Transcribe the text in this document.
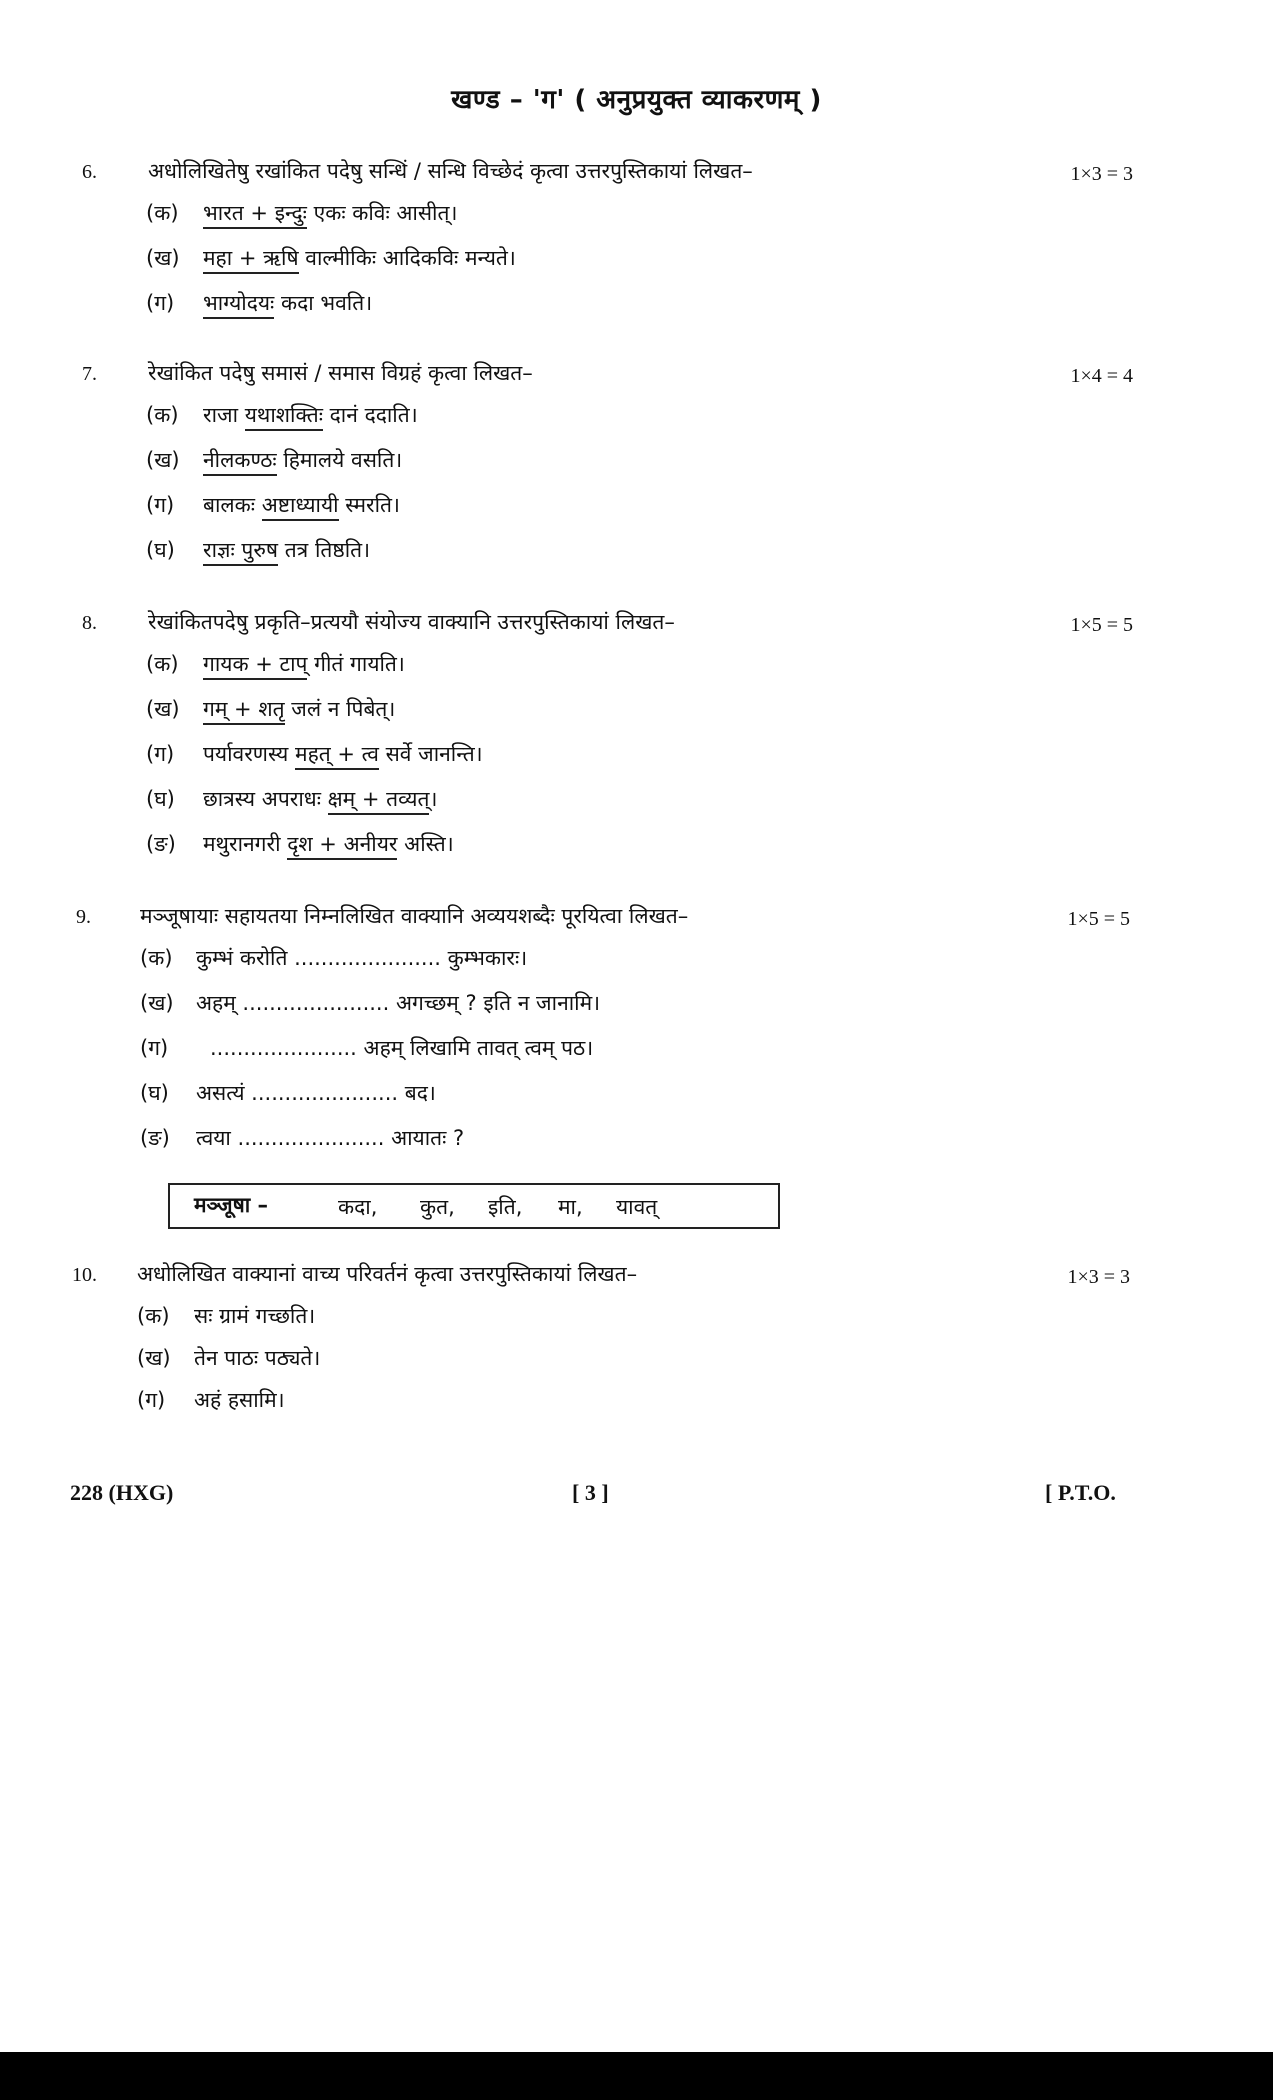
खण्ड – 'ग' ( अनुप्रयुक्त व्याकरणम् )
6. अधोलिखितेषु रखांकित पदेषु सन्धिं / सन्धि विच्छेदं कृत्वा उत्तरपुस्तिकायां लिखत–	1×3 = 3
(क) भारत + इन्दुः एकः कविः आसीत्।
(ख) महा + ऋषि वाल्मीकिः आदिकविः मन्यते।
(ग) भाग्योदयः कदा भवति।
7. रेखांकित पदेषु समासं / समास विग्रहं कृत्वा लिखत–	1×4 = 4
(क) राजा यथाशक्तिः दानं ददाति।
(ख) नीलकण्ठः हिमालये वसति।
(ग) बालकः अष्टाध्यायी स्मरति।
(घ) राज्ञः पुरुष तत्र तिष्ठति।
8. रेखांकितपदेषु प्रकृति–प्रत्ययौ संयोज्य वाक्यानि उत्तरपुस्तिकायां लिखत–	1×5 = 5
(क) गायक + टाप् गीतं गायति।
(ख) गम् + शतृ जलं न पिबेत्।
(ग) पर्यावरणस्य महत् + त्व सर्वे जानन्ति।
(घ) छात्रस्य अपराधः क्षम् + तव्यत्।
(ङ) मथुरानगरी दृश + अनीयर अस्ति।
9. मञ्जूषायाः सहायतया निम्नलिखित वाक्यानि अव्ययशब्दैः पूरयित्वा लिखत–	1×5 = 5
(क) कुम्भं करोति ...................... कुम्भकारः।
(ख) अहम् ...................... अगच्छम् ? इति न जानामि।
(ग) ...................... अहम् लिखामि तावत् त्वम् पठ।
(घ) असत्यं ...................... बद।
(ङ) त्वया ...................... आयातः ?
मञ्जूषा –	कदा, कुत, इति, मा, यावत्
10. अधोलिखित वाक्यानां वाच्य परिवर्तनं कृत्वा उत्तरपुस्तिकायां लिखत–	1×3 = 3
(क) सः ग्रामं गच्छति।
(ख) तेन पाठः पठ्यते।
(ग) अहं हसामि।
228 (HXG)	[ 3 ]	[ P.T.O.
